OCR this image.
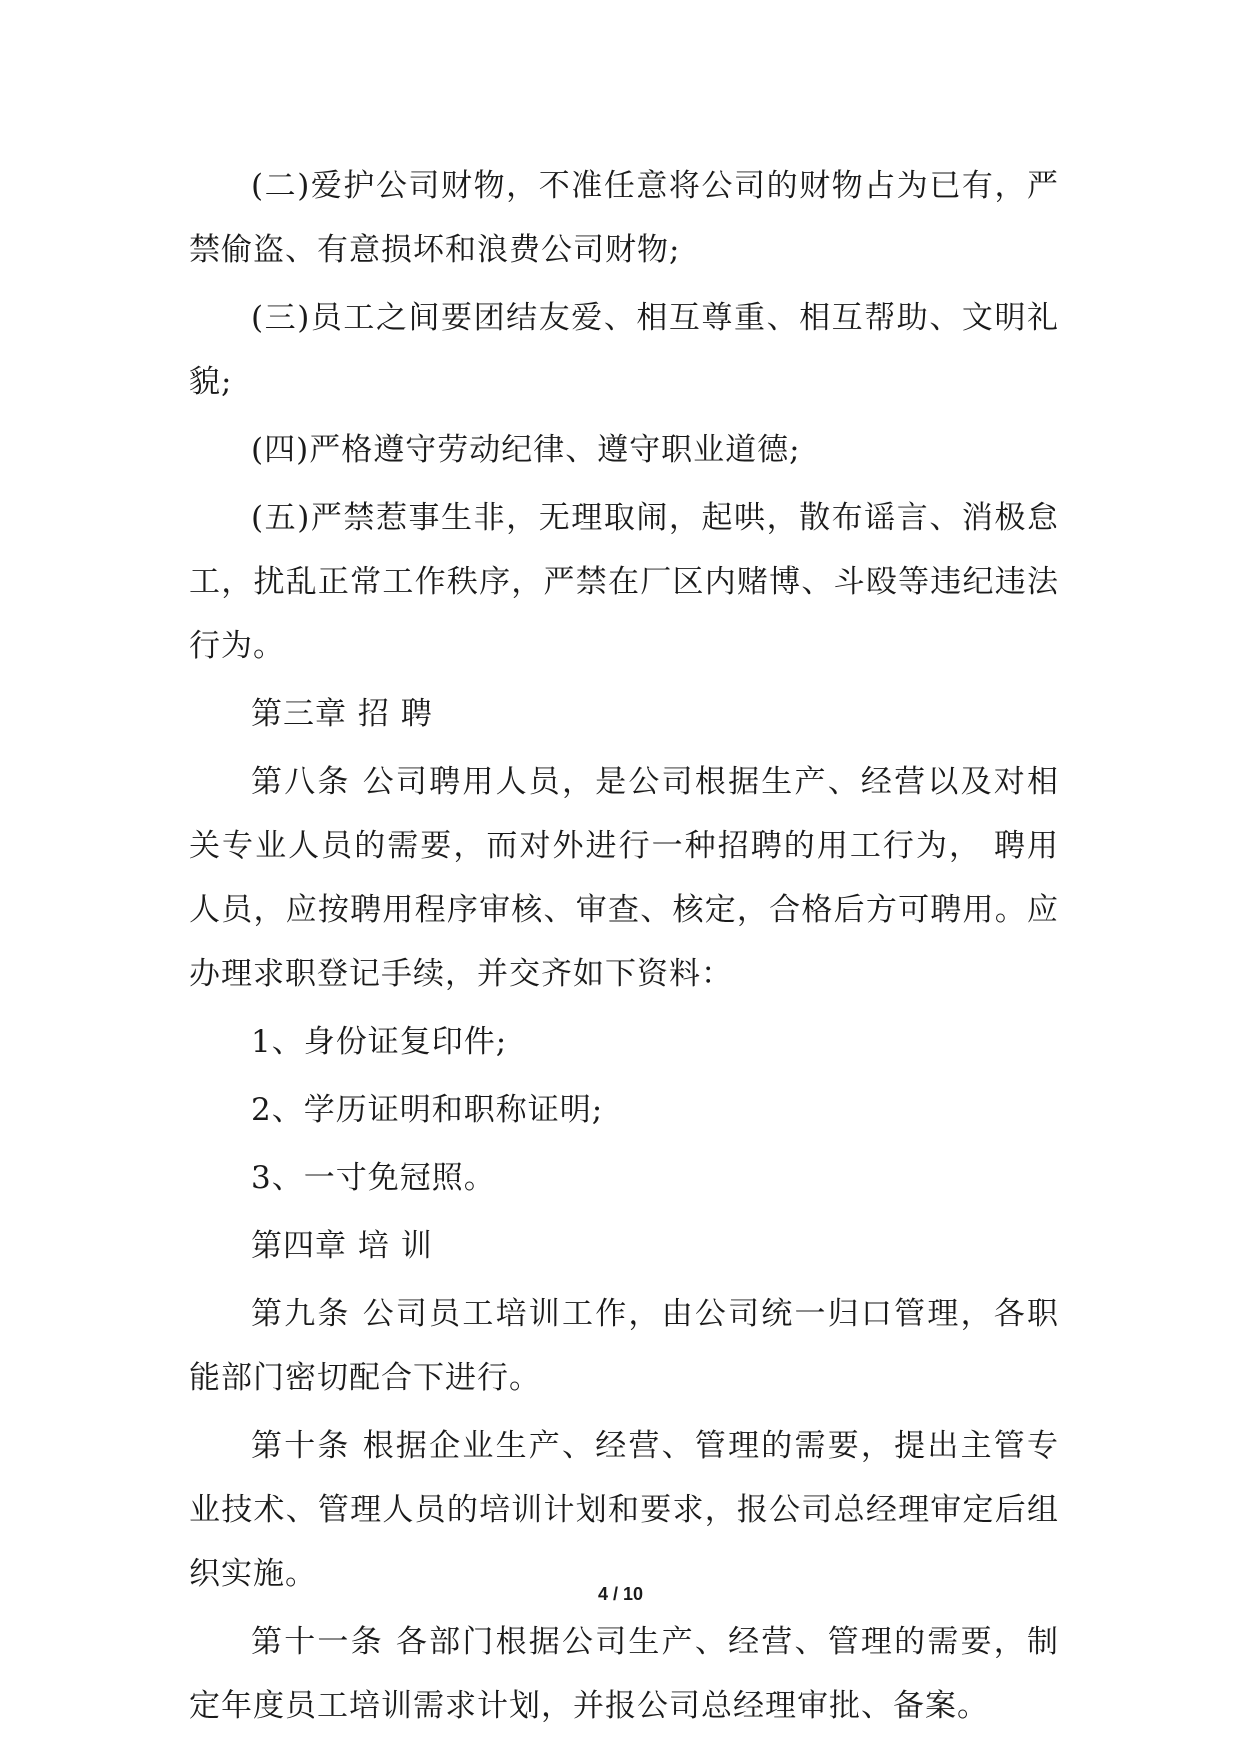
(二)爱护公司财物，不准任意将公司的财物占为已有，严禁偷盗、有意损坏和浪费公司财物;

(三)员工之间要团结友爱、相互尊重、相互帮助、文明礼貌;

(四)严格遵守劳动纪律、遵守职业道德;

(五)严禁惹事生非，无理取闹，起哄，散布谣言、消极怠工，扰乱正常工作秩序，严禁在厂区内赌博、斗殴等违纪违法行为。

第三章 招 聘

第八条 公司聘用人员，是公司根据生产、经营以及对相关专业人员的需要，而对外进行一种招聘的用工行为， 聘用人员，应按聘用程序审核、审查、核定，合格后方可聘用。应办理求职登记手续，并交齐如下资料：

1、身份证复印件;

2、学历证明和职称证明;

3、一寸免冠照。

第四章 培 训

第九条 公司员工培训工作，由公司统一归口管理，各职能部门密切配合下进行。

第十条 根据企业生产、经营、管理的需要，提出主管专业技术、管理人员的培训计划和要求，报公司总经理审定后组织实施。

第十一条 各部门根据公司生产、经营、管理的需要，制定年度员工培训需求计划，并报公司总经理审批、备案。

4 / 10
